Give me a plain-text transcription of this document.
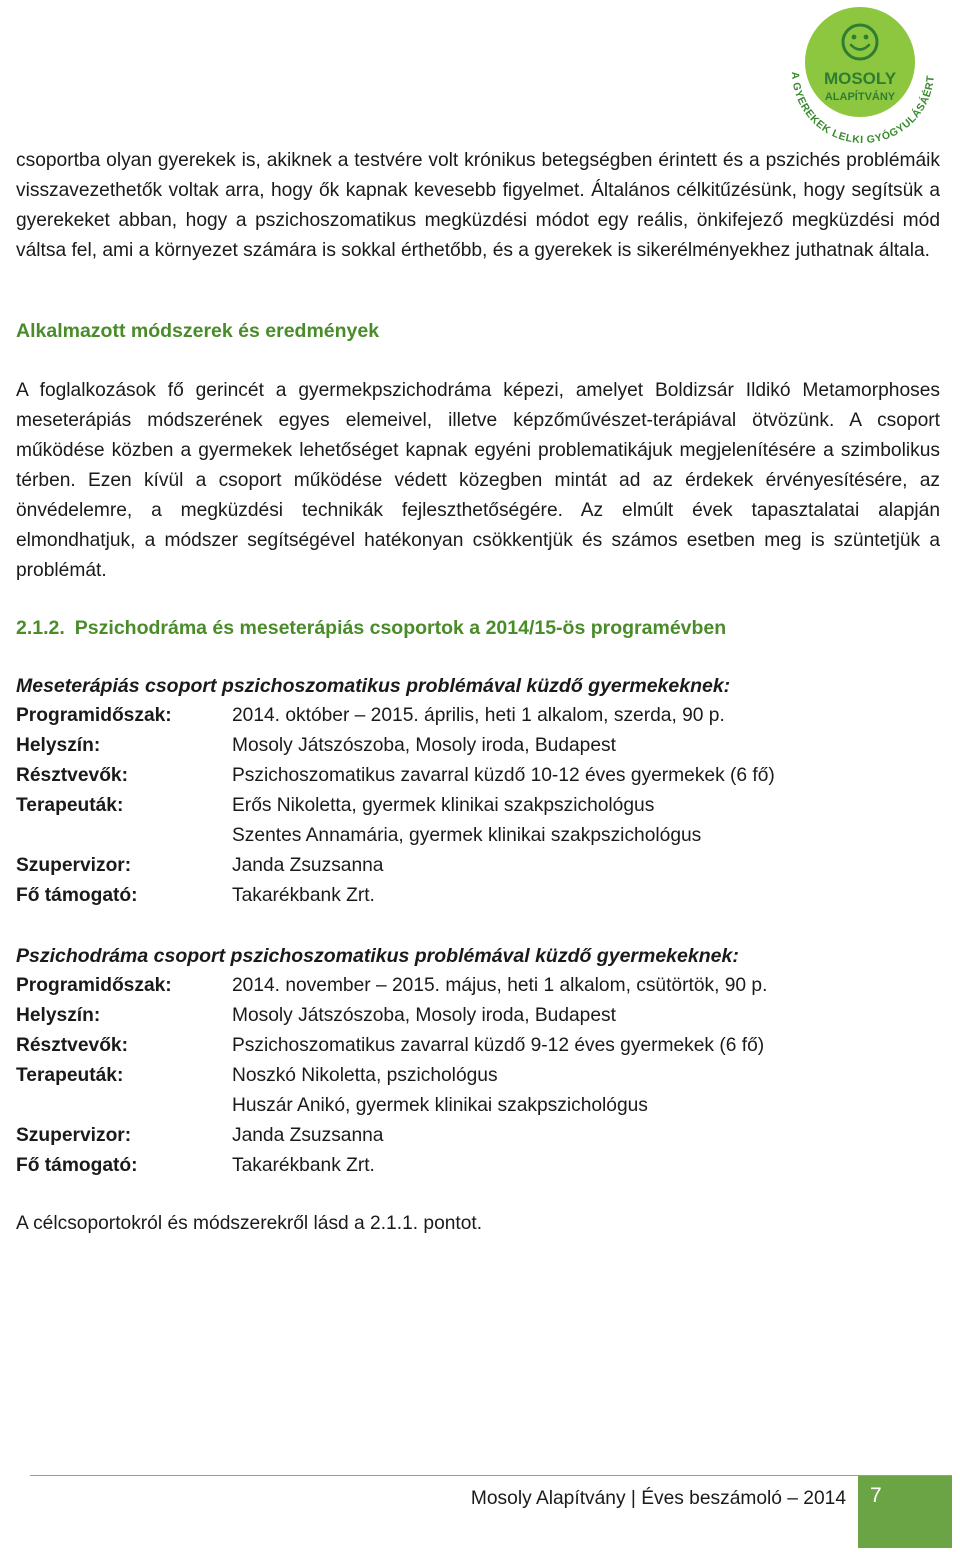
MOSOLY
ALAPÍTVÁNY
A GYEREKEK LELKI GYÓGYULÁSÁÉRT

csoportba olyan gyerekek is, akiknek a testvére volt krónikus betegségben érintett és a pszichés problémáik visszavezethetők voltak arra, hogy ők kapnak kevesebb figyelmet. Általános célkitűzésünk, hogy segítsük a gyerekeket abban, hogy a pszichoszomatikus megküzdési módot egy reális, önkifejező megküzdési mód váltsa fel, ami a környezet számára is sokkal érthetőbb, és a gyerekek is sikerélményekhez juthatnak általa.

Alkalmazott módszerek és eredmények

A foglalkozások fő gerincét a gyermekpszichodráma képezi, amelyet Boldizsár Ildikó Metamorphoses meseterápiás módszerének egyes elemeivel, illetve képzőművészet-terápiával ötvözünk. A csoport működése közben a gyermekek lehetőséget kapnak egyéni problematikájuk megjelenítésére a szimbolikus térben. Ezen kívül a csoport működése védett közegben mintát ad az érdekek érvényesítésére, az önvédelemre, a megküzdési technikák fejleszthetőségére. Az elmúlt évek tapasztalatai alapján elmondhatjuk, a módszer segítségével hatékonyan csökkentjük és számos esetben meg is szüntetjük a problémát.

2.1.2. Pszichodráma és meseterápiás csoportok a 2014/15-ös programévben

Meseterápiás csoport pszichoszomatikus problémával küzdő gyermekeknek:

Programidőszak:	2014. október – 2015. április, heti 1 alkalom, szerda, 90 p.
Helyszín:	Mosoly Játszószoba, Mosoly iroda, Budapest
Résztvevők:	Pszichoszomatikus zavarral küzdő 10-12 éves gyermekek (6 fő)
Terapeuták:	Erős Nikoletta, gyermek klinikai szakpszichológus
Szentes Annamária, gyermek klinikai szakpszichológus
Szupervizor:	Janda Zsuzsanna
Fő támogató:	Takarékbank Zrt.

Pszichodráma csoport pszichoszomatikus problémával küzdő gyermekeknek:

Programidőszak:	2014. november – 2015. május, heti 1 alkalom, csütörtök, 90 p.
Helyszín:	Mosoly Játszószoba, Mosoly iroda, Budapest
Résztvevők:	Pszichoszomatikus zavarral küzdő 9-12 éves gyermekek (6 fő)
Terapeuták:	Noszkó Nikoletta, pszichológus
Huszár Anikó, gyermek klinikai szakpszichológus
Szupervizor:	Janda Zsuzsanna
Fő támogató:	Takarékbank Zrt.

A célcsoportokról és módszerekről lásd a 2.1.1. pontot.

Mosoly Alapítvány | Éves beszámoló – 2014 7
